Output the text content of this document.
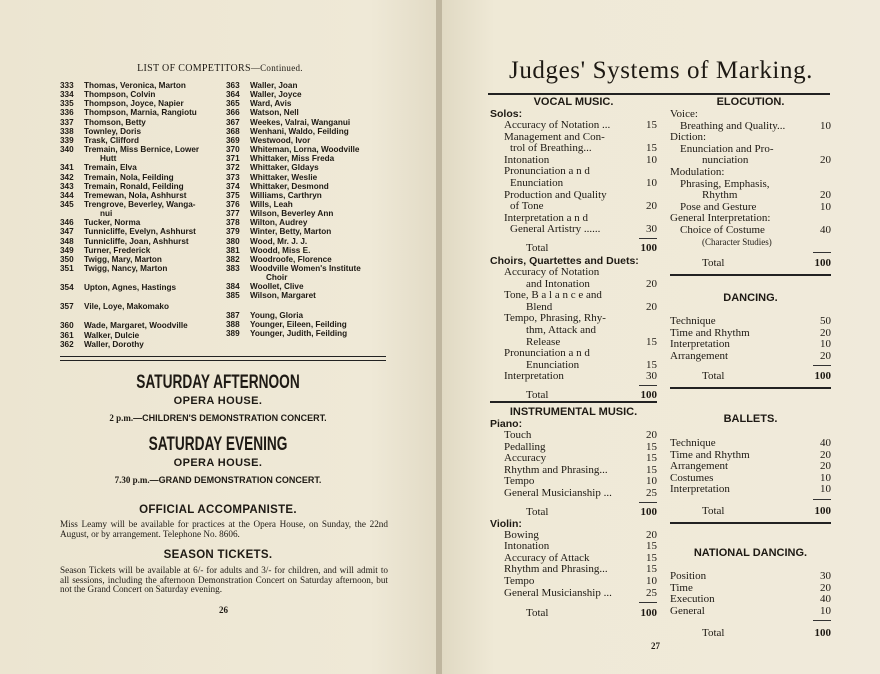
LIST OF COMPETITORS—Continued.
333 Thomas, Veronica, Marton
334 Thompson, Colvin
335 Thompson, Joyce, Napier
336 Thompson, Marnia, Rangiotu
337 Thomson, Betty
338 Townley, Doris
339 Trask, Clifford
340 Tremain, Miss Bernice, Lower
Hutt
341 Tremain, Elva
342 Tremain, Nola, Feilding
343 Tremain, Ronald, Feilding
344 Tremewan, Nola, Ashhurst
345 Trengrove, Beverley, Wanga-
nui
346 Tucker, Norma
347 Tunnicliffe, Evelyn, Ashhurst
348 Tunnicliffe, Joan, Ashhurst
349 Turner, Frederick
350 Twigg, Mary, Marton
351 Twigg, Nancy, Marton
354 Upton, Agnes, Hastings
357 Vile, Loye, Makomako
360 Wade, Margaret, Woodville
361 Walker, Dulcie
362 Waller, Dorothy
363 Waller, Joan
364 Waller, Joyce
365 Ward, Avis
366 Watson, Nell
367 Weekes, Valrai, Wanganui
368 Wenhani, Waldo, Feilding
369 Westwood, Ivor
370 Whiteman, Lorna, Woodville
371 Whittaker, Miss Freda
372 Whittaker, Gldays
373 Whittaker, Weslie
374 Whittaker, Desmond
375 Williams, Carthryn
376 Wills, Leah
377 Wilson, Beverley Ann
378 Wilton, Audrey
379 Winter, Betty, Marton
380 Wood, Mr. J. J.
381 Woodd, Miss E.
382 Woodroofe, Florence
383 Woodville Women's Institute
Choir
384 Woollet, Clive
385 Wilson, Margaret
387 Young, Gloria
388 Younger, Eileen, Feilding
389 Younger, Judith, Feilding
SATURDAY AFTERNOON
OPERA HOUSE.
2 p.m.—CHILDREN'S DEMONSTRATION CONCERT.
SATURDAY EVENING
OPERA HOUSE.
7.30 p.m.—GRAND DEMONSTRATION CONCERT.
OFFICIAL ACCOMPANISTE.
Miss Leamy will be available for practices at the Opera House, on Sunday, the 22nd August, or by arrangement. Telephone No. 8606.
SEASON TICKETS.
Season Tickets will be available at 6/- for adults and 3/- for children, and will admit to all sessions, including the afternoon Demonstration Concert on Saturday afternoon, but not the Grand Concert on Saturday evening.
26
Judges' Systems of Marking.
VOCAL MUSIC.
Solos:
Accuracy of Notation ...	15
Management and Con-
trol of Breathing...	15
Intonation	10
Pronunciation a n d
Enunciation	10
Production and Quality
of Tone	20
Interpretation a n d
General Artistry ......	30
Total	100
Choirs, Quartettes and Duets:
Accuracy of Notation
and Intonation	20
Tone, B a l a n c e and
Blend	20
Tempo, Phrasing, Rhy-
thm, Attack and
Release	15
Pronunciation a n d
Enunciation	15
Interpretation	30
Total	100
INSTRUMENTAL MUSIC.
Piano:
Touch	20
Pedalling	15
Accuracy	15
Rhythm and Phrasing...	15
Tempo	10
General Musicianship ...	25
Total	100
Violin:
Bowing	20
Intonation	15
Accuracy of Attack	15
Rhythm and Phrasing...	15
Tempo	10
General Musicianship ...	25
Total	100
ELOCUTION.
Voice:
Breathing and Quality...	10
Diction:
Enunciation and Pro-
nunciation	20
Modulation:
Phrasing, Emphasis,
Rhythm	20
Pose and Gesture	10
General Interpretation:
Choice of Costume	40
(Character Studies)
Total	100
DANCING.
Technique	50
Time and Rhythm	20
Interpretation	10
Arrangement	20
Total	100
BALLETS.
Technique	40
Time and Rhythm	20
Arrangement	20
Costumes	10
Interpretation	10
Total	100
NATIONAL DANCING.
Position	30
Time	20
Execution	40
General	10
Total	100
27
